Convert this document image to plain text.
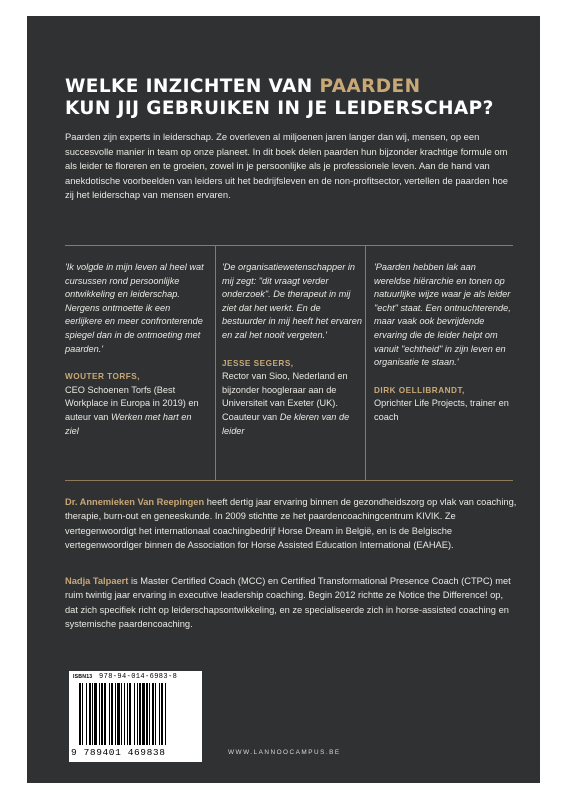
WELKE INZICHTEN VAN PAARDEN
KUN JIJ GEBRUIKEN IN JE LEIDERSCHAP?
Paarden zijn experts in leiderschap. Ze overleven al miljoenen jaren langer dan wij, mensen, op een succesvolle manier in team op onze planeet. In dit boek delen paarden hun bijzonder krachtige formule om als leider te floreren en te groeien, zowel in je persoonlijke als je professionele leven. Aan de hand van anekdotische voorbeelden van leiders uit het bedrijfsleven en de non-profitsector, vertellen de paarden hoe zij het leiderschap van mensen ervaren.
'Ik volgde in mijn leven al heel wat cursussen rond persoonlijke ontwikkeling en leiderschap. Nergens ontmoette ik een eerlijkere en meer confronterende spiegel dan in de ontmoeting met paarden.'
WOUTER TORFS,
CEO Schoenen Torfs (Best Workplace in Europa in 2019) en auteur van Werken met hart en ziel
'De organisatiewetenschapper in mij zegt: "dit vraagt verder onderzoek". De therapeut in mij ziet dat het werkt. En de bestuurder in mij heeft het ervaren en zal het nooit vergeten.'
JESSE SEGERS,
Rector van Sioo, Nederland en bijzonder hoogleraar aan de Universiteit van Exeter (UK). Coauteur van De kleren van de leider
'Paarden hebben lak aan wereldse hiërarchie en tonen op natuurlijke wijze waar je als leider "echt" staat. Een ontnuchterende, maar vaak ook bevrijdende ervaring die de leider helpt om vanuit "echtheid" in zijn leven en organisatie te staan.'
DIRK OELLIBRANDT,
Oprichter Life Projects, trainer en coach
Dr. Annemieken Van Reepingen heeft dertig jaar ervaring binnen de gezondheidszorg op vlak van coaching, therapie, burn-out en geneeskunde. In 2009 stichtte ze het paardencoachingcentrum KIVIK. Ze vertegenwoordigt het internationaal coachingbedrijf Horse Dream in België, en is de Belgische vertegenwoordiger binnen de Association for Horse Assisted Education International (EAHAE).
Nadja Talpaert is Master Certified Coach (MCC) en Certified Transformational Presence Coach (CTPC) met ruim twintig jaar ervaring in executive leadership coaching. Begin 2012 richtte ze Notice the Difference! op, dat zich specifiek richt op leiderschapsontwikkeling, en ze specialiseerde zich in horse-assisted coaching en systemische paardencoaching.
ISBN13 978-94-014-6983-8
9 789401 469838	WWW.LANNOOCAMPUS.BE
